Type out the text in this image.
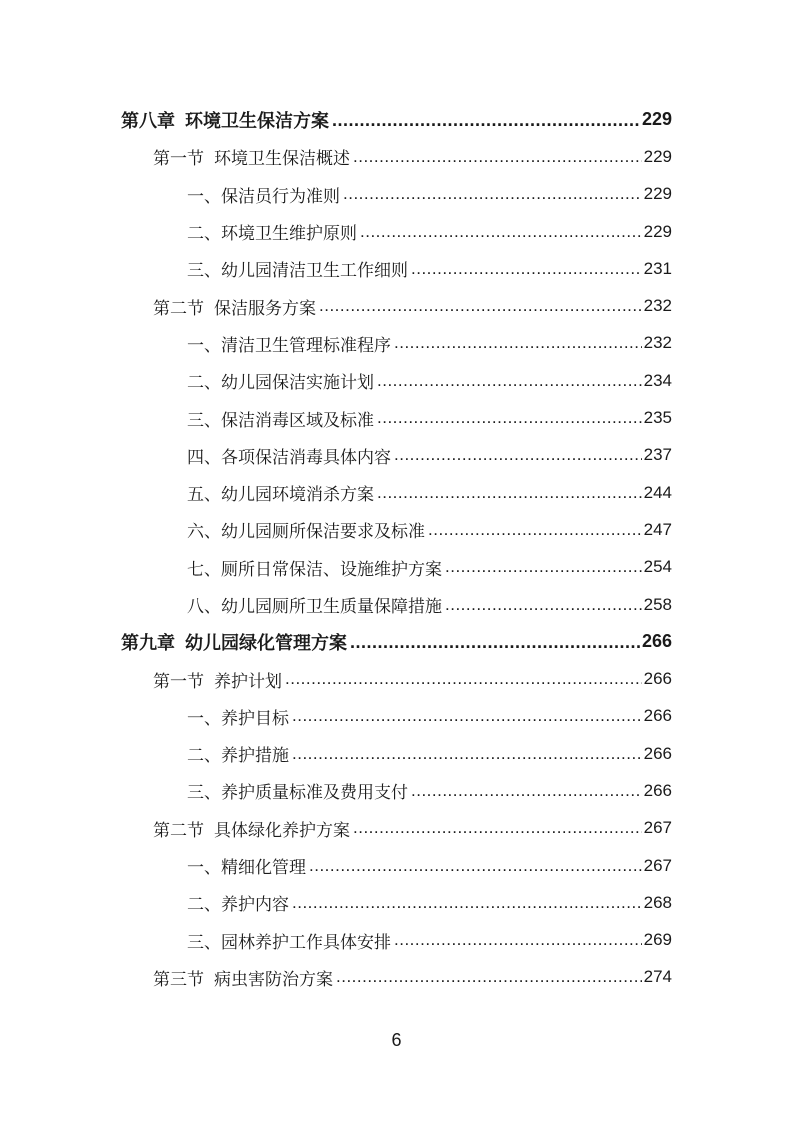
第八章 环境卫生保洁方案 .....	229
第一节 环境卫生保洁概述 .....	229
一、保洁员行为准则 .....	229
二、环境卫生维护原则 .....	229
三、幼儿园清洁卫生工作细则 .....	231
第二节 保洁服务方案 .....	232
一、清洁卫生管理标准程序 .....	232
二、幼儿园保洁实施计划 .....	234
三、保洁消毒区域及标准 .....	235
四、各项保洁消毒具体内容 .....	237
五、幼儿园环境消杀方案 .....	244
六、幼儿园厕所保洁要求及标准 .....	247
七、厕所日常保洁、设施维护方案 .....	254
八、幼儿园厕所卫生质量保障措施 .....	258
第九章 幼儿园绿化管理方案 .....	266
第一节 养护计划 .....	266
一、养护目标 .....	266
二、养护措施 .....	266
三、养护质量标准及费用支付 .....	266
第二节 具体绿化养护方案 .....	267
一、精细化管理 .....	267
二、养护内容 .....	268
三、园林养护工作具体安排 .....	269
第三节 病虫害防治方案 .....	274
6
